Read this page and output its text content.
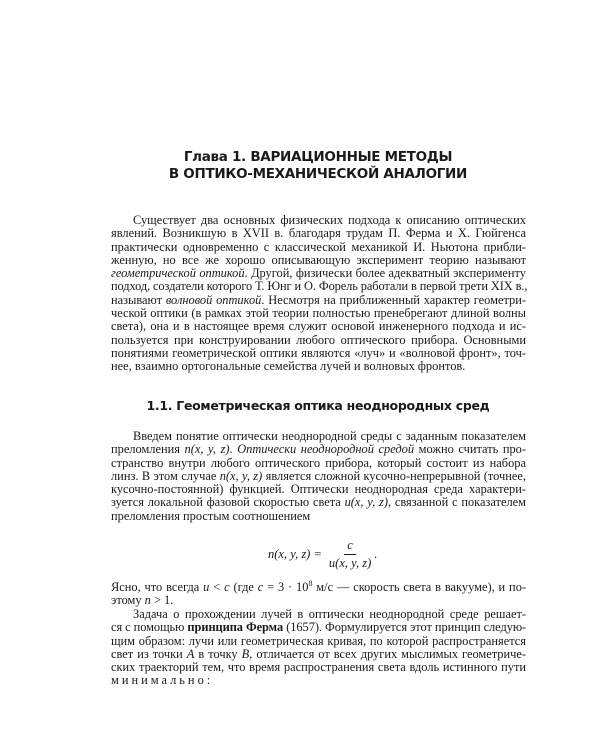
Глава 1. ВАРИАЦИОННЫЕ МЕТОДЫ
В ОПТИКО-МЕХАНИЧЕСКОЙ АНАЛОГИИ
Существует два основных физических подхода к описанию оптических
явлений. Возникшую в XVII в. благодаря трудам П. Ферма и Х. Гюйгенса
практически одновременно с классической механикой И. Ньютона прибли-
женную, но все же хорошо описывающую эксперимент теорию называют
геометрической оптикой. Другой, физически более адекватный эксперименту
подход, создатели которого Т. Юнг и О. Форель работали в первой трети XIX в.,
называют волновой оптикой. Несмотря на приближенный характер геометри-
ческой оптики (в рамках этой теории полностью пренебрегают длиной волны
света), она и в настоящее время служит основой инженерного подхода и ис-
пользуется при конструировании любого оптического прибора. Основными
понятиями геометрической оптики являются «луч» и «волновой фронт», точ-
нее, взаимно ортогональные семейства лучей и волновых фронтов.
1.1. Геометрическая оптика неоднородных сред
Введем понятие оптически неоднородной среды с заданным показателем
преломления n(x, y, z). Оптически неоднородной средой можно считать про-
странство внутри любого оптического прибора, который состоит из набора
линз. В этом случае n(x, y, z) является сложной кусочно-непрерывной (точнее,
кусочно-постоянной) функцией. Оптически неоднородная среда характери-
зуется локальной фазовой скоростью света u(x, y, z), связанной с показателем
преломления простым соотношением
n(x, y, $z) = \frac{c}{u(x, y, z)}$ .
Ясно, что всегда u < c (где $c = 3 \cdot 10^8$ м/с — скорость света в вакууме), и по-
этому n > 1.
Задача о прохождении лучей в оптически неоднородной среде решает-
ся с помощью принципа Ферма (1657). Формулируется этот принцип следую-
щим образом: лучи или геометрическая кривая, по которой распространяется
свет из точки A в точку B, отличается от всех других мыслимых геометриче-
ских траекторий тем, что время распространения света вдоль истинного пути
минимально:
